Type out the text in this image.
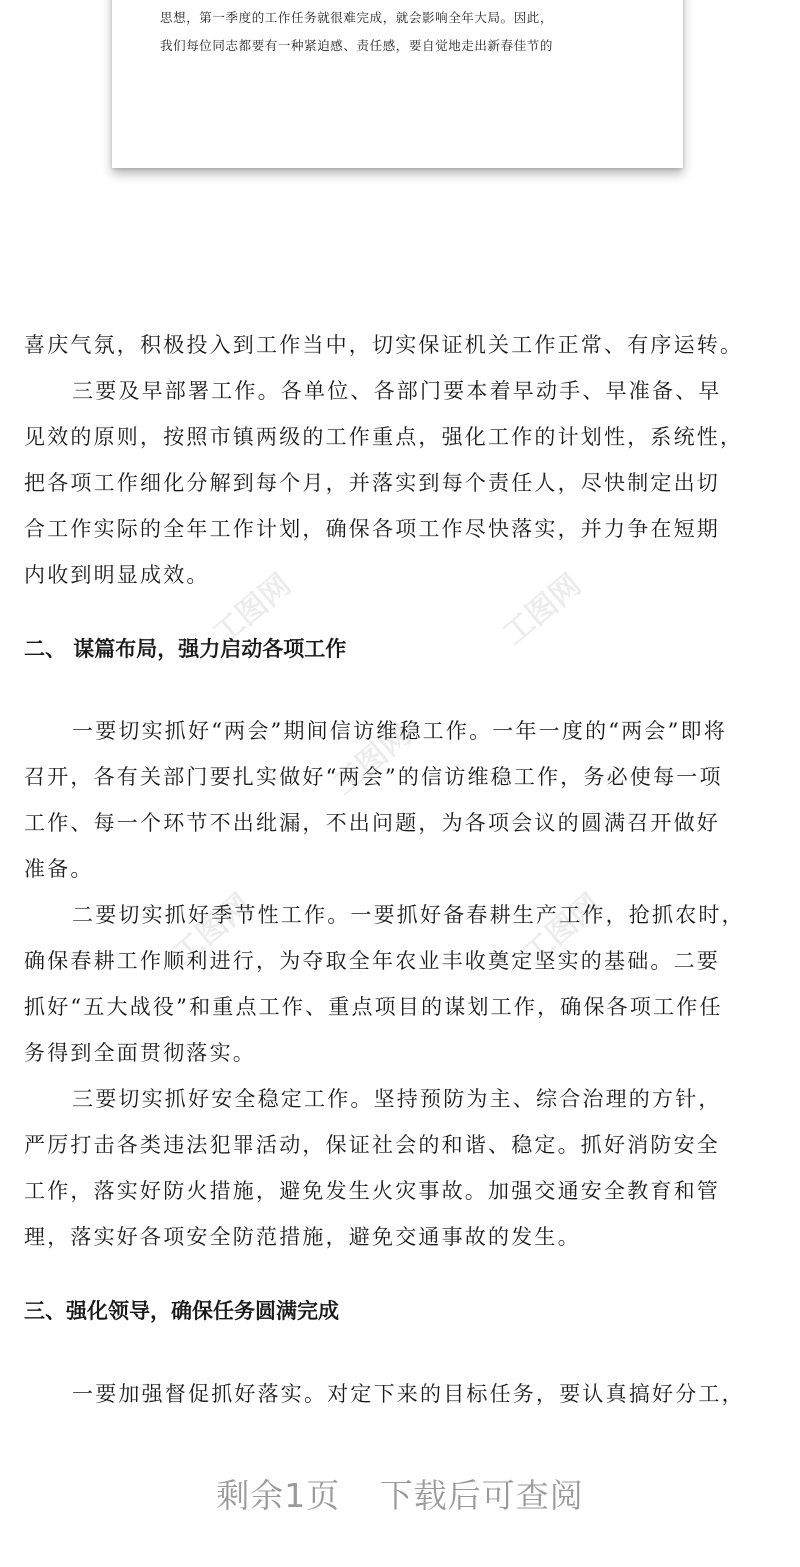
思想，第一季度的工作任务就很难完成，就会影响全年大局。因此，
我们每位同志都要有一种紧迫感、责任感，要自觉地走出新春佳节的
工图网	工图网
工图网
工图网	工图网
喜庆气氛，积极投入到工作当中，切实保证机关工作正常、有序运转。
三要及早部署工作。各单位、各部门要本着早动手、早准备、早
见效的原则，按照市镇两级的工作重点，强化工作的计划性，系统性，
把各项工作细化分解到每个月，并落实到每个责任人，尽快制定出切
合工作实际的全年工作计划，确保各项工作尽快落实，并力争在短期
内收到明显成效。
二、 谋篇布局，强力启动各项工作
一要切实抓好“两会”期间信访维稳工作。一年一度的“两会”即将
召开，各有关部门要扎实做好“两会”的信访维稳工作，务必使每一项
工作、每一个环节不出纰漏，不出问题，为各项会议的圆满召开做好
准备。
二要切实抓好季节性工作。一要抓好备春耕生产工作，抢抓农时，
确保春耕工作顺利进行，为夺取全年农业丰收奠定坚实的基础。二要
抓好“五大战役”和重点工作、重点项目的谋划工作，确保各项工作任
务得到全面贯彻落实。
三要切实抓好安全稳定工作。坚持预防为主、综合治理的方针，
严厉打击各类违法犯罪活动，保证社会的和谐、稳定。抓好消防安全
工作，落实好防火措施，避免发生火灾事故。加强交通安全教育和管
理，落实好各项安全防范措施，避免交通事故的发生。
三、强化领导，确保任务圆满完成
一要加强督促抓好落实。对定下来的目标任务，要认真搞好分工，
剩余1页 下载后可查阅
